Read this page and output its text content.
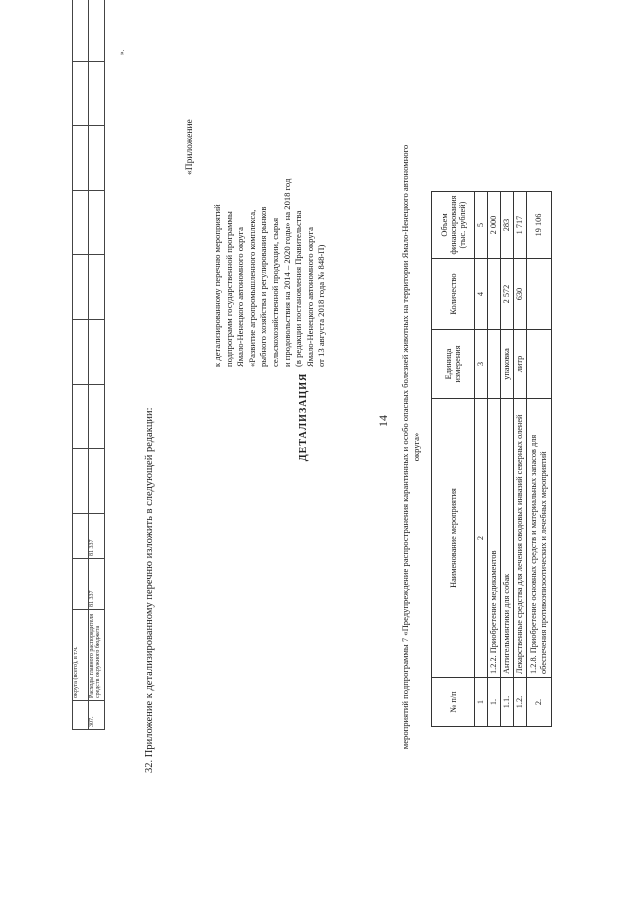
14
	округа (всего), в т.ч.										
307.	Расходы главного распорядителя средств окружного бюджета	81 337	81 337								
».
32. Приложение к детализированному перечню изложить в следующей редакции:
«Приложение
к детализированному перечню мероприятий подпрограмм государственной программы Ямало-Ненецкого автономного округа «Развитие агропромышленного комплекса, рыбного хозяйства и регулирования рынков сельскохозяйственной продукции, сырья и продовольствия на 2014 – 2020 годы» на 2018 год (в редакции постановления Правительства Ямало-Ненецкого автономного округа от 13 августа 2018 года № 848-П)
ДЕТАЛИЗАЦИЯ	мероприятий подпрограммы 7 «Предупреждение распространения карантинных и особо опасных болезней животных на территории Ямало-Ненецкого автономного округа»
№ п/п	Наименование мероприятия	Единица измерения	Количество	Объем финансирования (тыс. рублей)
1	2	3	4	5
1.	1.2.2. Приобретение медикаментов			2 000
1.1.	Антигельминтики для собак	упаковка	2 572	283
1.2.	Лекарственные средства для лечения оводовых инвазий северных оленей	литр	630	1 717
2.	1.2.8. Приобретение основных средств и материальных запасов для обеспечения противоэпизоотических и лечебных мероприятий			19 106
